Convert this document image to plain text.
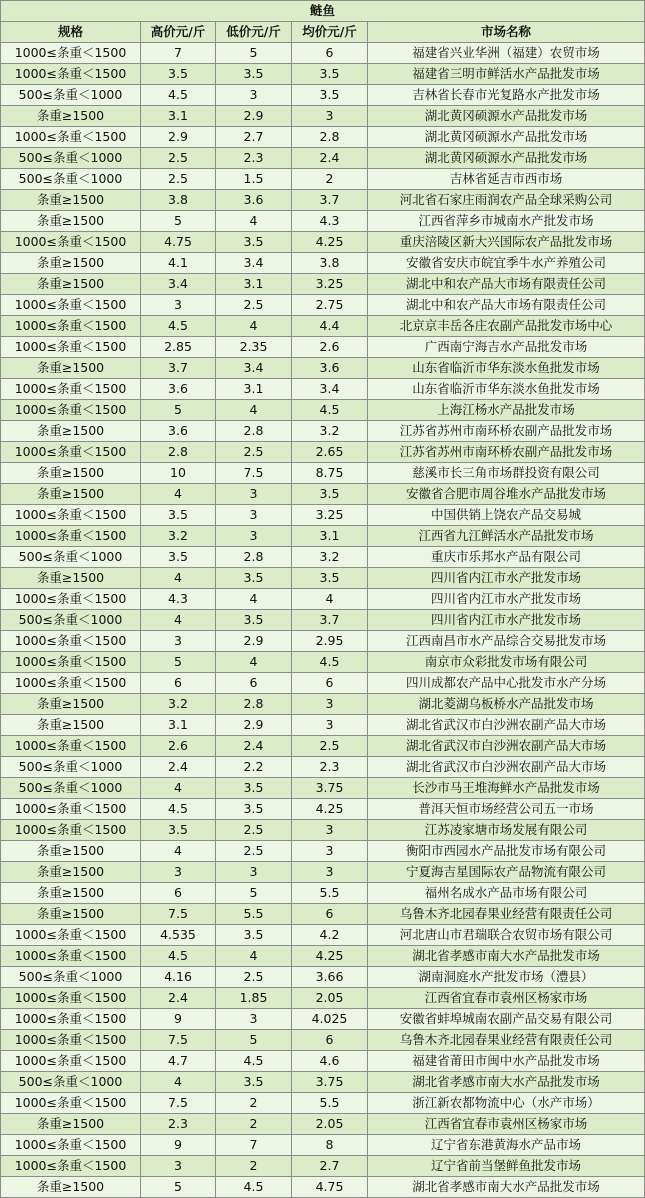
鲢鱼				
规格	高价元/斤	低价元/斤	均价元/斤	市场名称
1000≤条重＜1500	7	5	6	福建省兴业华洲（福建）农贸市场
1000≤条重＜1500	3.5	3.5	3.5	福建省三明市鲜活水产品批发市场
500≤条重＜1000	4.5	3	3.5	吉林省长春市光复路水产批发市场
条重≥1500	3.1	2.9	3	湖北黄冈硕源水产品批发市场
1000≤条重＜1500	2.9	2.7	2.8	湖北黄冈硕源水产品批发市场
500≤条重＜1000	2.5	2.3	2.4	湖北黄冈硕源水产品批发市场
500≤条重＜1000	2.5	1.5	2	吉林省延吉市西市场
条重≥1500	3.8	3.6	3.7	河北省石家庄雨润农产品全球采购公司
条重≥1500	5	4	4.3	江西省萍乡市城南水产批发市场
1000≤条重＜1500	4.75	3.5	4.25	重庆涪陵区新大兴国际农产品批发市场
条重≥1500	4.1	3.4	3.8	安徽省安庆市皖宜季牛水产养殖公司
条重≥1500	3.4	3.1	3.25	湖北中和农产品大市场有限责任公司
1000≤条重＜1500	3	2.5	2.75	湖北中和农产品大市场有限责任公司
1000≤条重＜1500	4.5	4	4.4	北京京丰岳各庄农副产品批发市场中心
1000≤条重＜1500	2.85	2.35	2.6	广西南宁海吉水产品批发市场
条重≥1500	3.7	3.4	3.6	山东省临沂市华东淡水鱼批发市场
1000≤条重＜1500	3.6	3.1	3.4	山东省临沂市华东淡水鱼批发市场
1000≤条重＜1500	5	4	4.5	上海江杨水产品批发市场
条重≥1500	3.6	2.8	3.2	江苏省苏州市南环桥农副产品批发市场
1000≤条重＜1500	2.8	2.5	2.65	江苏省苏州市南环桥农副产品批发市场
条重≥1500	10	7.5	8.75	慈溪市长三角市场群投资有限公司
条重≥1500	4	3	3.5	安徽省合肥市周谷堆水产品批发市场
1000≤条重＜1500	3.5	3	3.25	中国供销上饶农产品交易城
1000≤条重＜1500	3.2	3	3.1	江西省九江鲜活水产品批发市场
500≤条重＜1000	3.5	2.8	3.2	重庆市乐邦水产品有限公司
条重≥1500	4	3.5	3.5	四川省内江市水产批发市场
1000≤条重＜1500	4.3	4	4	四川省内江市水产批发市场
500≤条重＜1000	4	3.5	3.7	四川省内江市水产批发市场
1000≤条重＜1500	3	2.9	2.95	江西南昌市水产品综合交易批发市场
1000≤条重＜1500	5	4	4.5	南京市众彩批发市场有限公司
1000≤条重＜1500	6	6	6	四川成都农产品中心批发市水产分场
条重≥1500	3.2	2.8	3	湖北菱湖乌板桥水产品批发市场
条重≥1500	3.1	2.9	3	湖北省武汉市白沙洲农副产品大市场
1000≤条重＜1500	2.6	2.4	2.5	湖北省武汉市白沙洲农副产品大市场
500≤条重＜1000	2.4	2.2	2.3	湖北省武汉市白沙洲农副产品大市场
500≤条重＜1000	4	3.5	3.75	长沙市马王堆海鲜水产品批发市场
1000≤条重＜1500	4.5	3.5	4.25	普洱天恒市场经营公司五一市场
1000≤条重＜1500	3.5	2.5	3	江苏凌家塘市场发展有限公司
条重≥1500	4	2.5	3	衡阳市西园水产品批发市场有限公司
条重≥1500	3	3	3	宁夏海吉星国际农产品物流有限公司
条重≥1500	6	5	5.5	福州名成水产品市场有限公司
条重≥1500	7.5	5.5	6	乌鲁木齐北园春果业经营有限责任公司
1000≤条重＜1500	4.535	3.5	4.2	河北唐山市君瑞联合农贸市场有限公司
1000≤条重＜1500	4.5	4	4.25	湖北省孝感市南大水产品批发市场
500≤条重＜1000	4.16	2.5	3.66	湖南洞庭水产批发市场（澧县）
1000≤条重＜1500	2.4	1.85	2.05	江西省宜春市袁州区杨家市场
1000≤条重＜1500	9	3	4.025	安徽省蚌埠城南农副产品交易有限公司
1000≤条重＜1500	7.5	5	6	乌鲁木齐北园春果业经营有限责任公司
1000≤条重＜1500	4.7	4.5	4.6	福建省莆田市闽中水产品批发市场
500≤条重＜1000	4	3.5	3.75	湖北省孝感市南大水产品批发市场
1000≤条重＜1500	7.5	2	5.5	浙江新农都物流中心（水产市场）
条重≥1500	2.3	2	2.05	江西省宜春市袁州区杨家市场
1000≤条重＜1500	9	7	8	辽宁省东港黄海水产品市场
1000≤条重＜1500	3	2	2.7	辽宁省前当堡鲜鱼批发市场
条重≥1500	5	4.5	4.75	湖北省孝感市南大水产品批发市场
